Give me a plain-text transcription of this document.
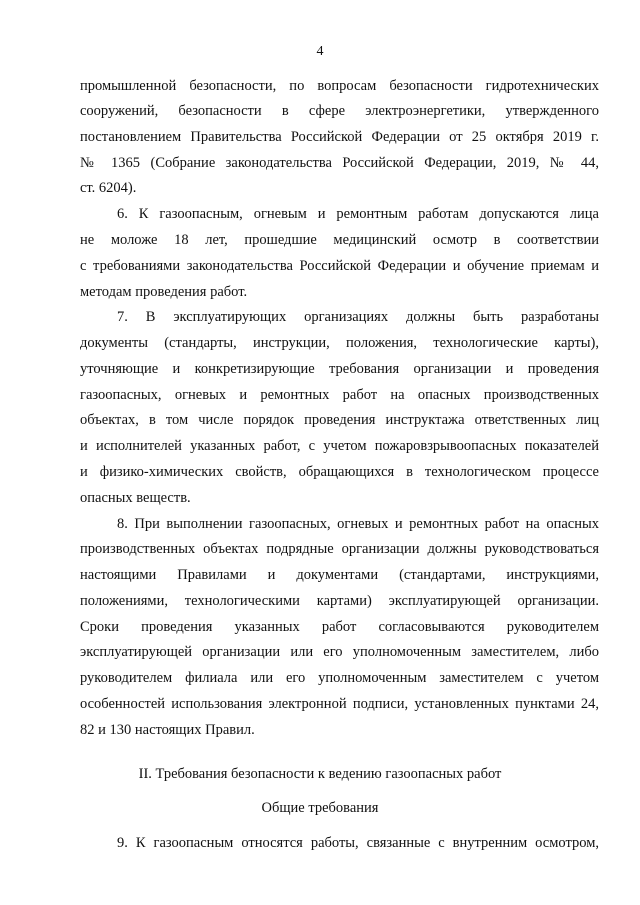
4
промышленной безопасности, по вопросам безопасности гидротехнических
сооружений, безопасности в сфере электроэнергетики, утвержденного
постановлением Правительства Российской Федерации от 25 октября 2019 г.
№ 1365 (Собрание законодательства Российской Федерации, 2019, № 44,
ст. 6204).
6. К газоопасным, огневым и ремонтным работам допускаются лица
не моложе 18 лет, прошедшие медицинский осмотр в соответствии
с требованиями законодательства Российской Федерации и обучение приемам и
методам проведения работ.
7. В эксплуатирующих организациях должны быть разработаны
документы (стандарты, инструкции, положения, технологические карты),
уточняющие и конкретизирующие требования организации и проведения
газоопасных, огневых и ремонтных работ на опасных производственных
объектах, в том числе порядок проведения инструктажа ответственных лиц
и исполнителей указанных работ, с учетом пожаровзрывоопасных показателей
и физико-химических свойств, обращающихся в технологическом процессе
опасных веществ.
8. При выполнении газоопасных, огневых и ремонтных работ на опасных
производственных объектах подрядные организации должны руководствоваться
настоящими Правилами и документами (стандартами, инструкциями,
положениями, технологическими картами) эксплуатирующей организации.
Сроки проведения указанных работ согласовываются руководителем
эксплуатирующей организации или его уполномоченным заместителем, либо
руководителем филиала или его уполномоченным заместителем с учетом
особенностей использования электронной подписи, установленных пунктами 24,
82 и 130 настоящих Правил.
II. Требования безопасности к ведению газоопасных работ
Общие требования
9. К газоопасным относятся работы, связанные с внутренним осмотром,
